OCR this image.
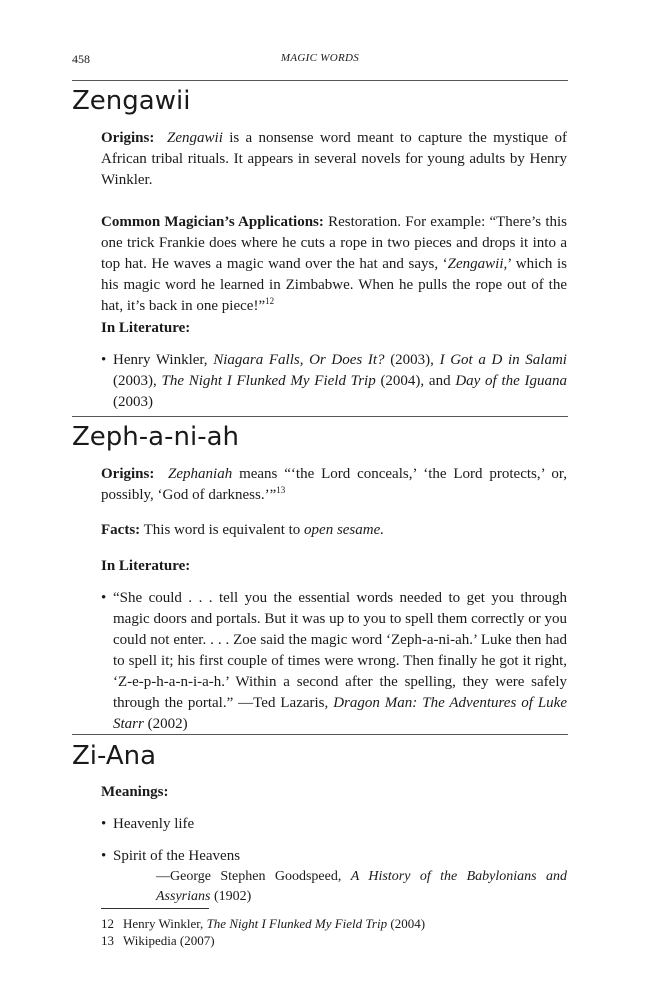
458	MAGIC WORDS
Zengawii

Origins: Zengawii is a nonsense word meant to capture the mystique of African tribal rituals. It appears in several novels for young adults by Henry Winkler.

Common Magician’s Applications: Restoration. For example: “There’s this one trick Frankie does where he cuts a rope in two pieces and drops it into a top hat. He waves a magic wand over the hat and says, ‘Zengawii,’ which is his magic word he learned in Zimbabwe. When he pulls the rope out of the hat, it’s back in one piece!”$^{12}$

In Literature:

• Henry Winkler, Niagara Falls, Or Does It? (2003), I Got a D in Salami (2003), The Night I Flunked My Field Trip (2004), and Day of the Iguana (2003)
Zeph-a-ni-ah

Origins: Zephaniah means “‘the Lord conceals,’ ‘the Lord protects,’ or, possibly, ‘God of darkness.’”$^{13}$

Facts: This word is equivalent to open sesame.

In Literature:

• “She could . . . tell you the essential words needed to get you through magic doors and portals. But it was up to you to spell them correctly or you could not enter. . . . Zoe said the magic word ‘Zeph-a-ni-ah.’ Luke then had to spell it; his first couple of times were wrong. Then finally he got it right, ‘Z-e-p-h-a-n-i-a-h.’ Within a second after the spelling, they were safely through the portal.” —Ted Lazaris, Dragon Man: The Adventures of Luke Starr (2002)
Zi-Ana

Meanings:

• Heavenly life
• Spirit of the Heavens

—George Stephen Goodspeed, A History of the Babylonians and Assyrians (1902)

12 Henry Winkler, The Night I Flunked My Field Trip (2004)
13 Wikipedia (2007)
